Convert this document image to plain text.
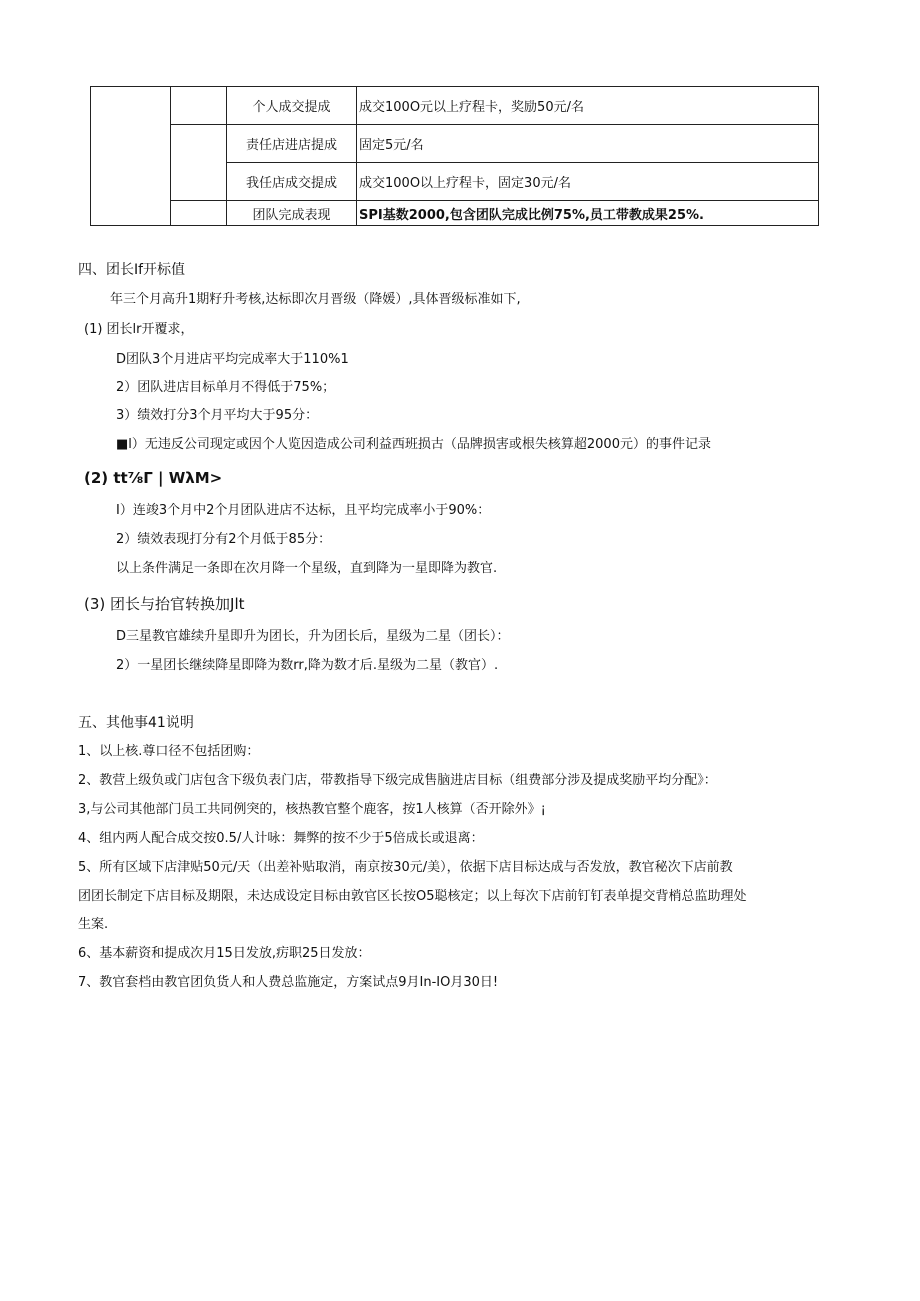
		个人成交提成	成交100O元以上疗程卡，奖励50元/名
		责任店进店提成	固定5元/名
		我任店成交提成	成交100O以上疗程卡，固定30元/名
		团队完成表现	SPI基数2000,包含团队完成比例75%,员工带教成果25%.
四、团长If开标值
年三个月高升1期籽升考核,达标即次月晋级（降媛）,具体晋级标准如下,
(1) 团长lr开覆求，
D团队3个月进店平均完成率大于110%1
2）团队进店目标单月不得低于75%；
3）绩效打分3个月平均大于95分：
■l）无违反公司现定或因个人览因造成公司利益西班损古（品牌损害或根失核算超2000元）的事件记录
(2) tt⅞Γ | WλM>
I）连竣3个月中2个月团队进店不达标，且平均完成率小于90%：
2）绩效表现打分有2个月低于85分：
以上条件满足一条即在次月降一个星级，直到降为一星即降为教官.
(3) 团长与抬官转换加Jlt
D三星教官雄续升星即升为团长，升为团长后，星级为二星（团长）：
2）一星团长继续降星即降为数rr,降为数才后.星级为二星（教官）.
五、其他事41说明
1、以上核.尊口径不包括团购：
2、教营上级负或门店包含下级负表门店，带教指导下级完成售脑进店目标（组费部分涉及提成奖励平均分配》：
3,与公司其他部门员工共同例突的，核热教官整个鹿客，按1人核算（否开除外》¡
4、组内两人配合成交按0.5/人计咏：舞弊的按不少于5倍成长或退离：
5、所有区域下店津贴50元/天（出差补贴取消，南京按30元/美），依据下店目标达成与否发放，教官秘次下店前教
团团长制定下店目标及期限，未达成设定目标由敦官区长按O5聪核定；以上每次下店前钉钉表单提交背梢总监助理处
生案.
6、基本薪资和提成次月15日发放,疠职25日发放：
7、教官套档由教官团负货人和人费总监施定，方案试点9月In-IO月30日!
